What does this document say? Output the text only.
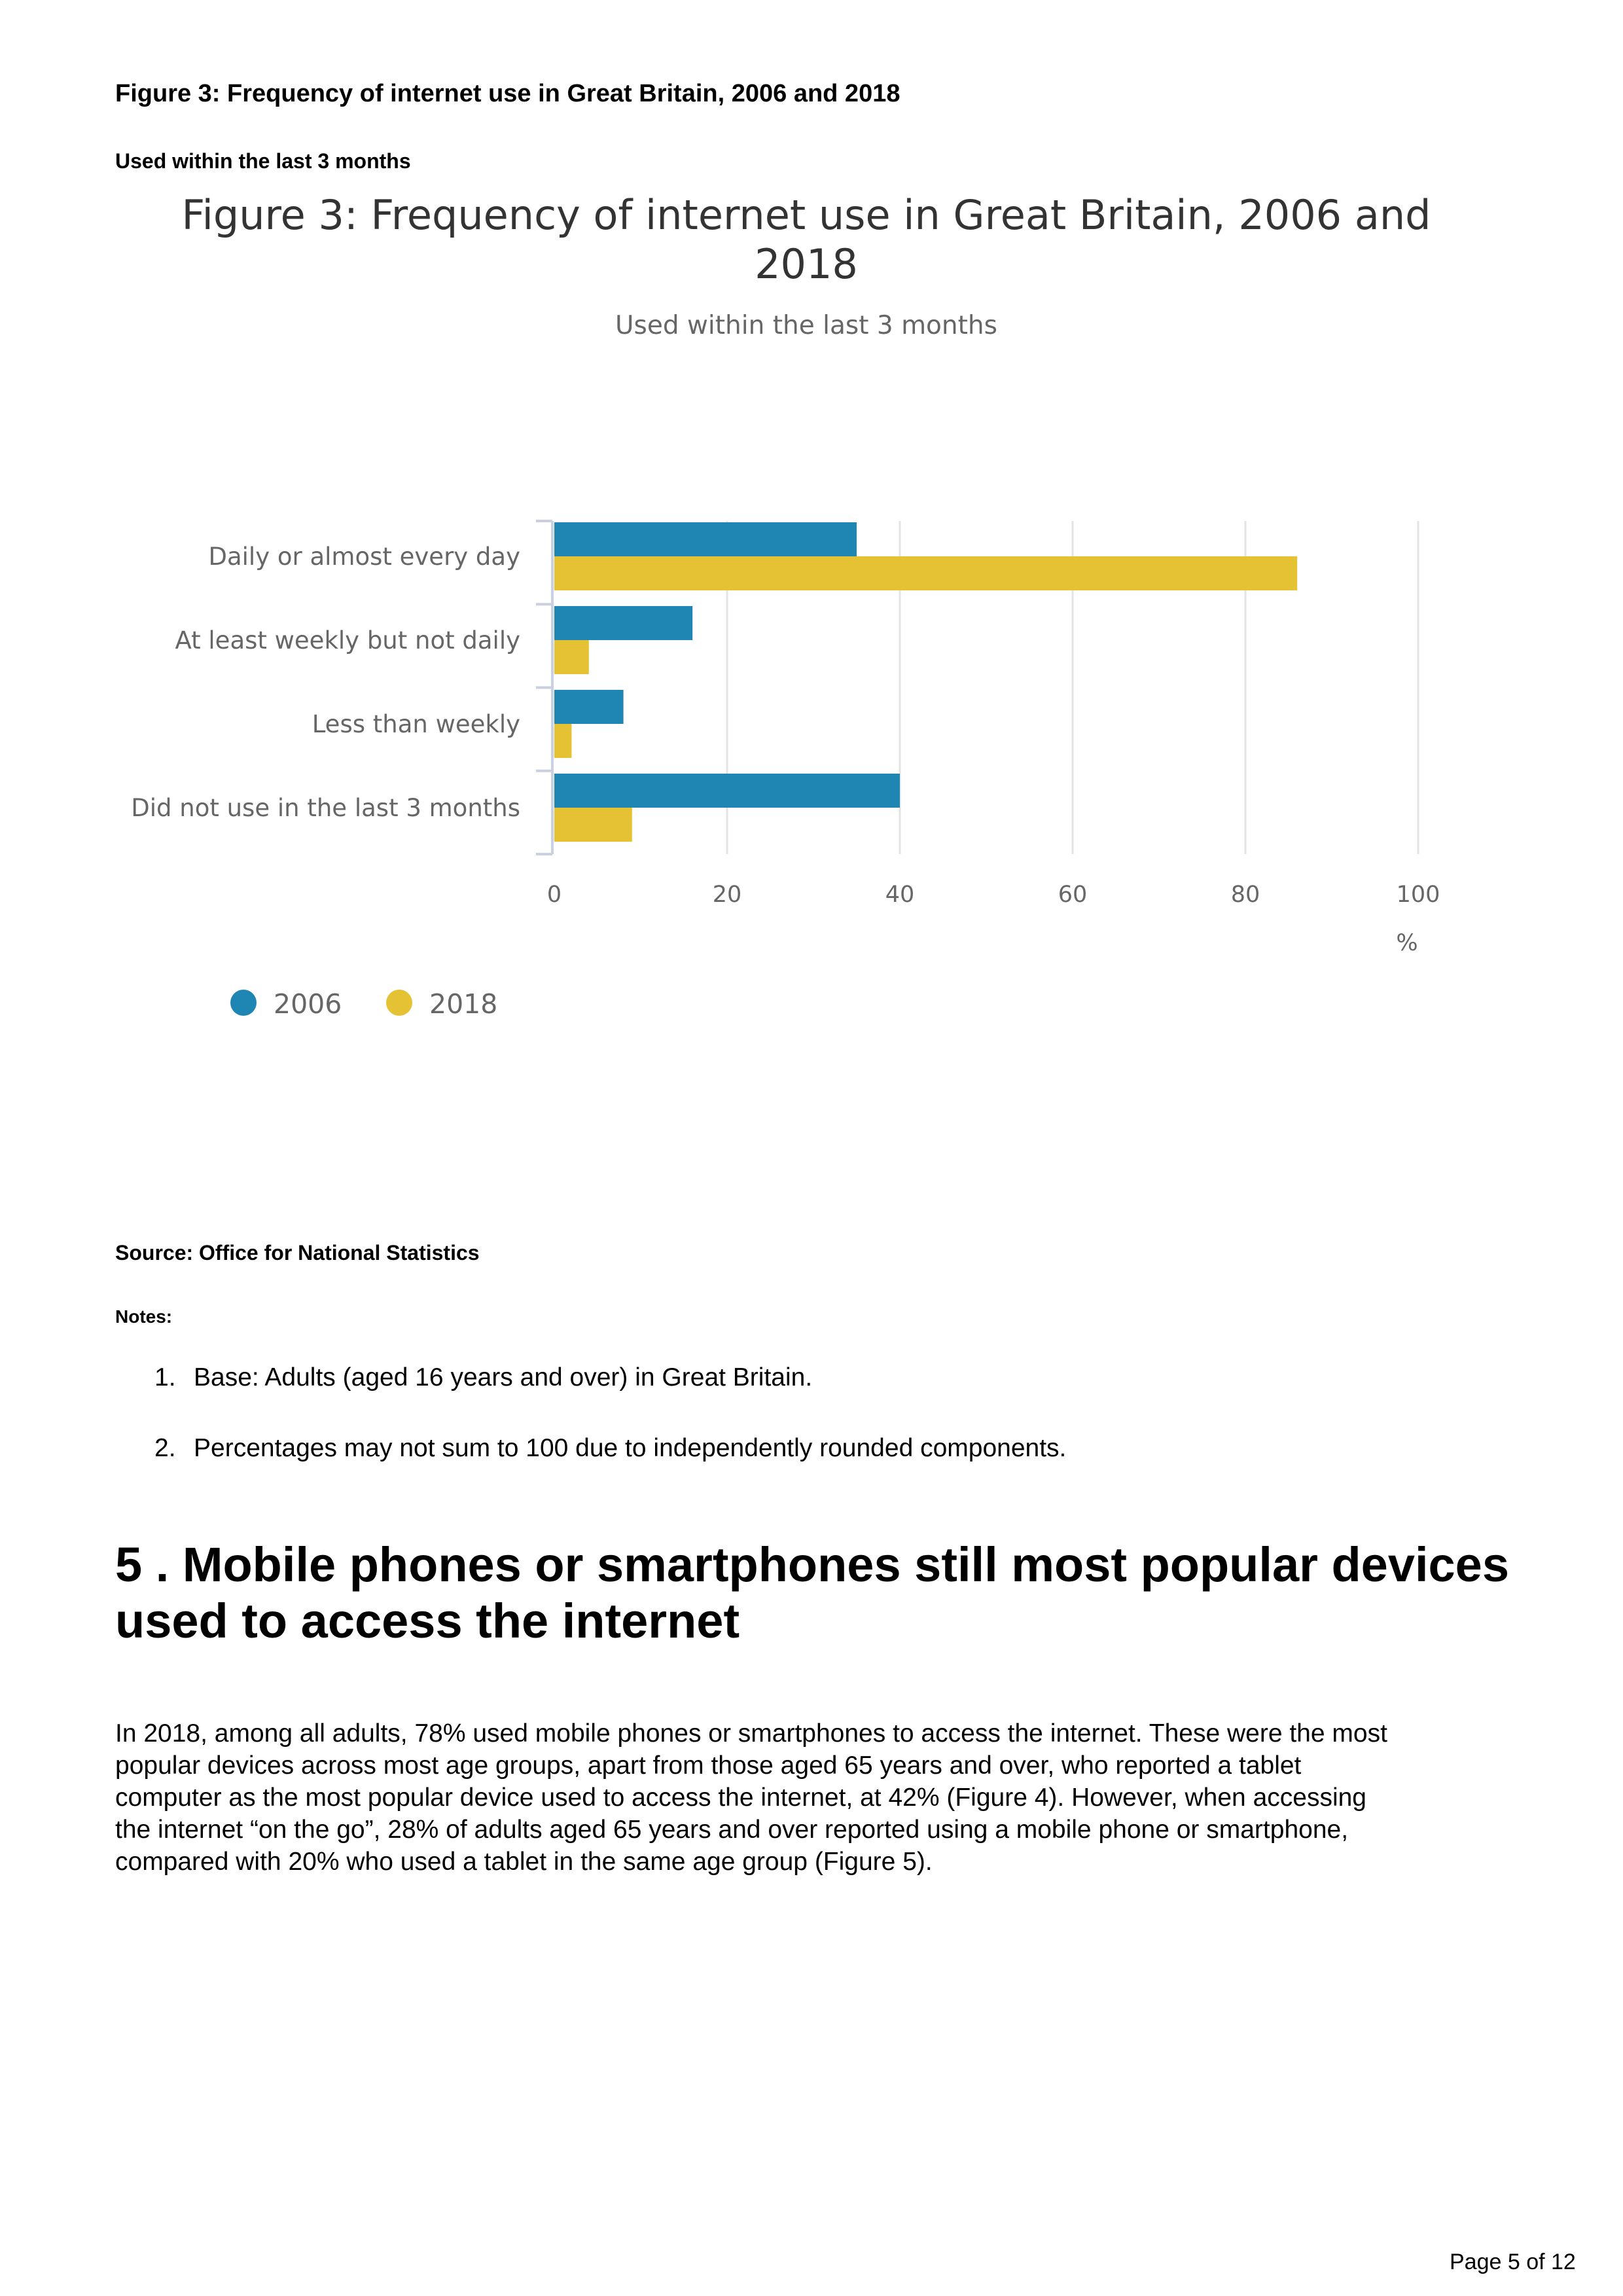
Figure 3: Frequency of internet use in Great Britain, 2006 and 2018
Used within the last 3 months
Figure 3: Frequency of internet use in Great Britain, 2006 and
2018
Used within the last 3 months
Daily or almost every day
At least weekly but not daily
Less than weekly
Did not use in the last 3 months
0	20	40	60	80	100
%
2006	2018
Source: Office for National Statistics
Notes:
1. Base: Adults (aged 16 years and over) in Great Britain.
2. Percentages may not sum to 100 due to independently rounded components.
5 . Mobile phones or smartphones still most popular devices
used to access the internet
In 2018, among all adults, 78% used mobile phones or smartphones to access the internet. These were the most
popular devices across most age groups, apart from those aged 65 years and over, who reported a tablet
computer as the most popular device used to access the internet, at 42% (Figure 4). However, when accessing
the internet “on the go”, 28% of adults aged 65 years and over reported using a mobile phone or smartphone,
compared with 20% who used a tablet in the same age group (Figure 5).
Page 5 of 12
